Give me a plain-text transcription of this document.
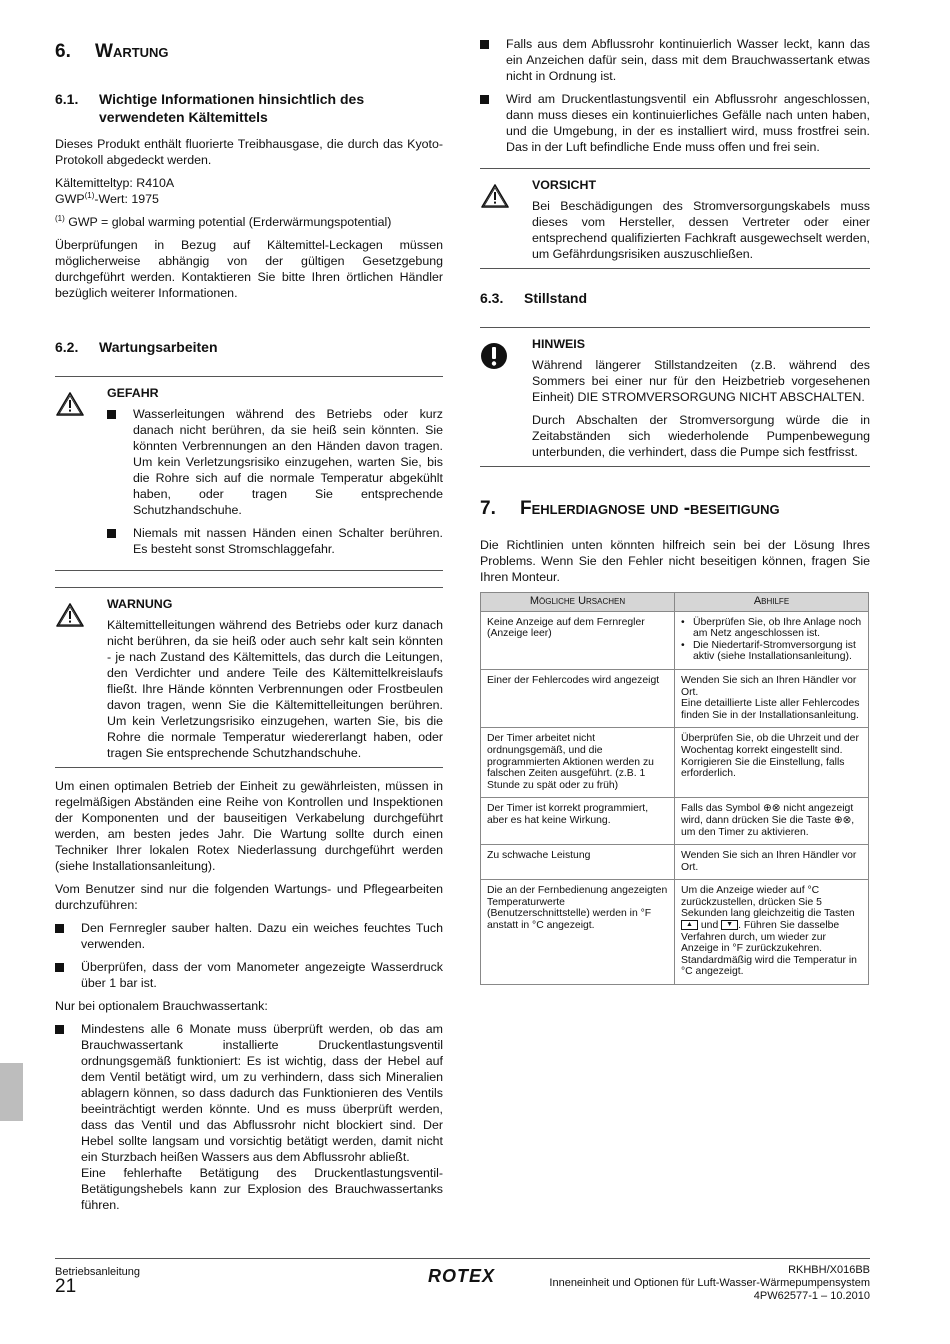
6. Wartung
6.1.	Wichtige Informationen hinsichtlich des verwendeten Kältemittels

Dieses Produkt enthält fluorierte Treibhausgase, die durch das Kyoto-Protokoll abgedeckt werden.

Kältemitteltyp: R410A
GWP$^{(1)}$-Wert: 1975

$^{(1)}$ GWP = global warming potential (Erderwärmungspotential)

Überprüfungen in Bezug auf Kältemittel-Leckagen müssen möglicherweise abhängig von der gültigen Gesetzgebung durchgeführt werden. Kontaktieren Sie bitte Ihren örtlichen Händler bezüglich weiterer Informationen.

6.2.	Wartungsarbeiten
GEFAHR
Wasserleitungen während des Betriebs oder kurz danach nicht berühren, da sie heiß sein könnten. Sie könnten Verbrennungen an den Händen davon tragen. Um kein Verletzungsrisiko einzugehen, warten Sie, bis die Rohre sich auf die normale Temperatur abgekühlt haben, oder tragen Sie entsprechende Schutzhandschuhe.
Niemals mit nassen Händen einen Schalter berühren. Es besteht sonst Stromschlaggefahr.
WARNUNG

Kältemittelleitungen während des Betriebs oder kurz danach nicht berühren, da sie heiß oder auch sehr kalt sein könnten - je nach Zustand des Kältemittels, das durch die Leitungen, den Verdichter und andere Teile des Kältemittelkreislaufs fließt. Ihre Hände könnten Verbrennungen oder Frostbeulen davon tragen, wenn Sie die Kältemittelleitungen berühren. Um kein Verletzungsrisiko einzugehen, warten Sie, bis die Rohre die normale Temperatur wiedererlangt haben, oder tragen Sie entsprechende Schutzhandschuhe.

Um einen optimalen Betrieb der Einheit zu gewährleisten, müssen in regelmäßigen Abständen eine Reihe von Kontrollen und Inspektionen der Komponenten und der bauseitigen Verkabelung durchgeführt werden, am besten jedes Jahr. Die Wartung sollte durch einen Techniker Ihrer lokalen Rotex Niederlassung durchgeführt werden (siehe Installationsanleitung).

Vom Benutzer sind nur die folgenden Wartungs- und Pflegearbeiten durchzuführen:

Den Fernregler sauber halten. Dazu ein weiches feuchtes Tuch verwenden.
Überprüfen, dass der vom Manometer angezeigte Wasserdruck über 1 bar ist.

Nur bei optionalem Brauchwassertank:

Mindestens alle 6 Monate muss überprüft werden, ob das am Brauchwassertank installierte Druckentlastungsventil ordnungsgemäß funktioniert: Es ist wichtig, dass der Hebel auf dem Ventil betätigt wird, um zu verhindern, dass sich Mineralien ablagern können, so dass dadurch das Funktionieren des Ventils beeinträchtigt werden könnte. Und es muss überprüft werden, dass das Ventil und das Abflussrohr nicht blockiert sind. Der Hebel sollte langsam und vorsichtig betätigt werden, damit nicht ein Sturzbach heißen Wassers aus dem Abflussrohr abließt.
Eine fehlerhafte Betätigung des Druckentlastungsventil-Betätigungshebels kann zur Explosion des Brauchwassertanks führen.
Falls aus dem Abflussrohr kontinuierlich Wasser leckt, kann das ein Anzeichen dafür sein, dass mit dem Brauchwassertank etwas nicht in Ordnung ist.
Wird am Druckentlastungsventil ein Abflussrohr angeschlossen, dann muss dieses ein kontinuierliches Gefälle nach unten haben, und die Umgebung, in der es installiert wird, muss frostfrei sein. Das in der Luft befindliche Ende muss offen und frei sein.
VORSICHT

Bei Beschädigungen des Stromversorgungskabels muss dieses vom Hersteller, dessen Vertreter oder einer entsprechend qualifizierten Fachkraft ausgewechselt werden, um Gefährdungsrisiken auszuschließen.

6.3.	Stillstand
HINWEIS

Während längerer Stillstandzeiten (z.B. während des Sommers bei einer nur für den Heizbetrieb vorgesehenen Einheit) DIE STROMVERSORGUNG NICHT ABSCHALTEN.

Durch Abschalten der Stromversorgung würde die in Zeitabständen sich wiederholende Pumpenbewegung unterbunden, die verhindert, dass die Pumpe sich festfrisst.

7. Fehlerdiagnose und -beseitigung

Die Richtlinien unten könnten hilfreich sein bei der Lösung Ihres Problems. Wenn Sie den Fehler nicht beseitigen können, fragen Sie Ihren Monteur.

Mögliche Ursachen	Abhilfe
Keine Anzeige auf dem Fernregler (Anzeige leer)	• Überprüfen Sie, ob Ihre Anlage noch am Netz angeschlossen ist.
• Die Niedertarif-Stromversorgung ist aktiv (siehe Installationsanleitung).

Einer der Fehlercodes wird angezeigt	Wenden Sie sich an Ihren Händler vor Ort.
Eine detaillierte Liste aller Fehlercodes finden Sie in der Installationsanleitung.
Der Timer arbeitet nicht ordnungsgemäß, und die programmierten Aktionen werden zu falschen Zeiten ausgeführt. (z.B. 1 Stunde zu spät oder zu früh)	Überprüfen Sie, ob die Uhrzeit und der Wochentag korrekt eingestellt sind. Korrigieren Sie die Einstellung, falls erforderlich.
Der Timer ist korrekt programmiert, aber es hat keine Wirkung.	Falls das Symbol ⊕⊗ nicht angezeigt wird, dann drücken Sie die Taste ⊕⊗, um den Timer zu aktivieren.
Zu schwache Leistung	Wenden Sie sich an Ihren Händler vor Ort.
Die an der Fernbedienung angezeigten Temperaturwerte (Benutzerschnittstelle) werden in °F anstatt in °C angezeigt.	Um die Anzeige wieder auf °C zurückzustellen, drücken Sie 5 Sekunden lang gleichzeitig die Tasten ▲ und ▼ . Führen Sie dasselbe Verfahren durch, um wieder zur Anzeige in °F zurückzukehren. Standardmäßig wird die Temperatur in °C angezeigt.
Betriebsanleitung
21	ROTEX	RKHBH/X016BB
Inneneinheit und Optionen für Luft-Wasser-Wärmepumpensystem
4PW62577-1 – 10.2010
